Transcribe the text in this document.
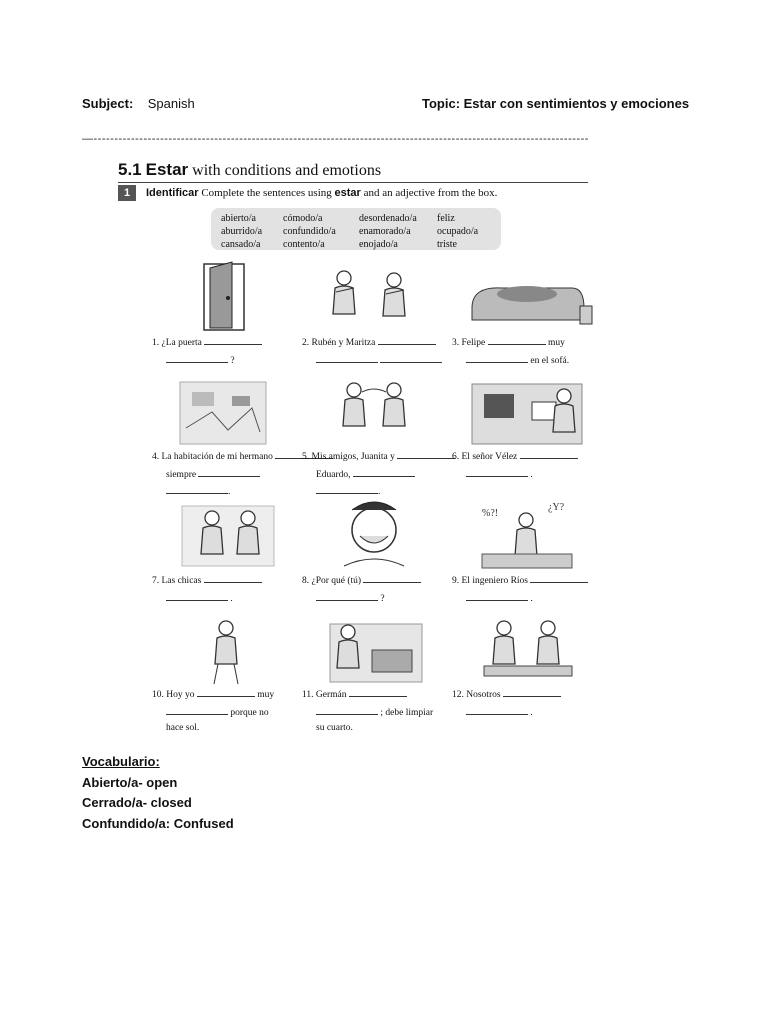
Subject: Spanish	Topic: Estar con sentimientos y emociones
—-----------------------------------------------------------------------------------------------------------------------
5.1 Estar with conditions and emotions
1	Identificar Complete the sentences using estar and an adjective from the box.
abierto/a	cómodo/a	desordenado/a	feliz
aburrido/a	confundido/a	enamorado/a	ocupado/a
cansado/a	contento/a	enojado/a	triste
1. ¿La puerta
?
2. Rubén y Maritza
	3. Felipe	muy
en el sofá.
4. La habitación de mi hermano
siempre
.
5. Mis amigos, Juanita y
Eduardo,
.
6. El señor Vélez
.
7. Las chicas
.
8. ¿Por qué (tú)
?
%?!
¿Y?
9. El ingeniero Ríos
.
10. Hoy yo	muy
porque no
hace sol.
11. Germán
; debe limpiar
su cuarto.
12. Nosotros
.
Vocabulario:
Abierto/a- open
Cerrado/a- closed
Confundido/a: Confused
